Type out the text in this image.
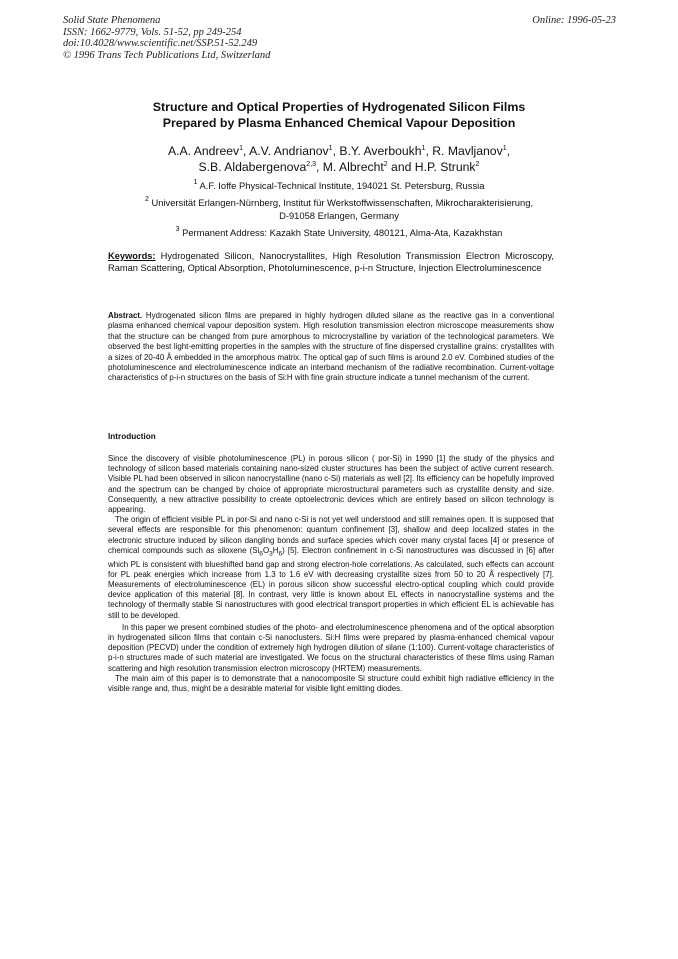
Solid State Phenomena
ISSN: 1662-9779, Vols. 51-52, pp 249-254
doi:10.4028/www.scientific.net/SSP.51-52.249
© 1996 Trans Tech Publications Ltd, Switzerland
Online: 1996-05-23
Structure and Optical Properties of Hydrogenated Silicon Films
Prepared by Plasma Enhanced Chemical Vapour Deposition
A.A. Andreev$^1$, A.V. Andrianov$^1$, B.Y. Averboukh$^1$, R. Mavljanov$^1$,
S.B. Aldabergenova$^{2,3}$, M. Albrecht$^2$ and H.P. Strunk$^2$
$^1$ A.F. Ioffe Physical-Technical Institute, 194021 St. Petersburg, Russia
$^2$ Universität Erlangen-Nürnberg, Institut für Werkstoffwissenschaften, Mikrocharakterisierung,
D-91058 Erlangen, Germany
$^3$ Permanent Address: Kazakh State University, 480121, Alma-Ata, Kazakhstan
Keywords: Hydrogenated Silicon, Nanocrystallites, High Resolution Transmission Electron Microscopy, Raman Scattering, Optical Absorption, Photoluminescence, p-i-n Structure, Injection Electroluminescence
Abstract. Hydrogenated silicon films are prepared in highly hydrogen diluted silane as the reactive gas in a conventional plasma enhanced chemical vapour deposition system. High resolution transmission electron microscope measurements show that the structure can be changed from pure amorphous to microcrystalline by variation of the technological parameters. We observed the best light-emitting properties in the samples with the structure of fine dispersed crystalline grains: crystallites with a sizes of 20-40 Å embedded in the amorphous matrix. The optical gap of such films is around 2.0 eV. Combined studies of the photoluminescence and electroluminescence indicate an interband mechanism of the radiative recombination. Current-voltage characteristics of p-i-n structures on the basis of Si:H with fine grain structure indicate a tunnel mechanism of the current.
Introduction

Since the discovery of visible photoluminescence (PL) in porous silicon ( por-Si) in 1990 [1] the study of the physics and technology of silicon based materials containing nano-sized cluster structures has been the subject of active current research. Visible PL had been observed in silicon nanocrystalline (nano c-Si) materials as well [2]. Its efficiency can be hopefully improved and the spectrum can be changed by choice of appropriate microstructural parameters such as crystallite density and size. Consequently, a new attractive possibility to create optoelectronic devices which are entirely based on silicon technology is appearing.

The origin of efficient visible PL in por-Si and nano c-Si is not yet well understood and still remaines open. It is supposed that several effects are responsible for this phenomenon: quantum confinement [3], shallow and deep localized states in the electronic structure induced by silicon dangling bonds and surface species which cover many crystal faces [4] or presence of chemical compounds such as siloxene $(Si_6O_3H_6)$ [5]. Electron confinement in c-Si nanostructures was discussed in [6] after which PL is consistent with blueshifted band gap and strong electron-hole correlations. As calculated, such effects can account for PL peak energies which increase from 1.3 to 1.6 eV with decreasing crystallite sizes from 50 to 20 Å respectively [7]. Measurements of electroluminescence (EL) in porous silicon show successful electro-optical coupling which could provide device application of this material [8]. In contrast, very little is known about EL effects in nanocrystalline systems and the technology of thermally stable Si nanostructures with good electrical transport properties in which efficient EL is achievable has still to be developed.

In this paper we present combined studies of the photo- and electroluminescence phenomena and of the optical absorption in hydrogenated silicon films that contain c-Si nanoclusters. Si:H films were prepared by plasma-enhanced chemical vapour deposition (PECVD) under the condition of extremely high hydrogen dilution of silane (1:100). Current-voltage characteristics of p-i-n structures made of such material are investigated. We focus on the structural characteristics of these films using Raman scattering and high resolution transmission electron microscopy (HRTEM) measurements.

The main aim of this paper is to demonstrate that a nanocomposite Si structure could exhibit high radiative efficiency in the visible range and, thus, might be a desirable material for visible light emitting diodes.
